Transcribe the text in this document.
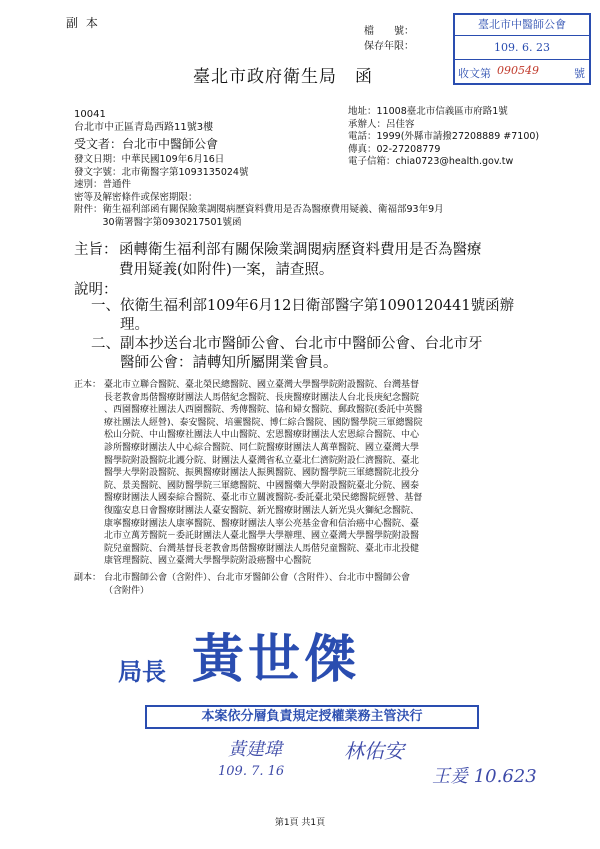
副 本
檔　　號：
保存年限：
臺北市中醫師公會
109. 6. 23
收文第 090549	號
臺北市政府衛生局　函
10041
台北市中正區青島西路11號3樓
受文者：台北市中醫師公會
地址： 11008臺北市信義區市府路1號
承辦人：呂佳容
電話： 1999(外縣市請撥27208889 #7100)
傳真：02-27208779
電子信箱：chia0723@health.gov.tw
發文日期：中華民國109年6月16日
發文字號：北市衛醫字第1093135024號
速別：普通件
密等及解密條件或保密期限：
附件： 衛生福利部函有關保險業調閱病歷資料費用是否為醫療費用疑義、衛福部93年9月
30衛署醫字第0930217501號函
主旨： 函轉衛生福利部有關保險業調閱病歷資料費用是否為醫療
費用疑義(如附件)一案，請查照。
說明：
一、依衛生福利部109年6月12日衛部醫字第1090120441號函辦
理。
二、副本抄送台北市醫師公會、台北市中醫師公會、台北市牙
醫師公會：請轉知所屬開業會員。
正本： 臺北市立聯合醫院、臺北榮民總醫院、國立臺灣大學醫學院附設醫院、台灣基督
長老教會馬偕醫療財團法人馬偕紀念醫院、長庚醫療財團法人台北長庚紀念醫院
、西園醫療社團法人西園醫院、秀傳醫院、協和婦女醫院、郵政醫院(委託中英醫
療社團法人經營)、泰安醫院、培靈醫院、博仁綜合醫院、國防醫學院三軍總醫院
松山分院、中山醫療社團法人中山醫院、宏恩醫療財團法人宏恩綜合醫院、中心
診所醫療財團法人中心綜合醫院、同仁院醫療財團法人萬華醫院、國立臺灣大學
醫學院附設醫院北護分院、財團法人臺灣省私立臺北仁濟院附設仁濟醫院、臺北
醫學大學附設醫院、振興醫療財團法人振興醫院、國防醫學院三軍總醫院北投分
院、景美醫院、國防醫學院三軍總醫院、中國醫藥大學附設醫院臺北分院、國泰
醫療財團法人國泰綜合醫院、臺北市立關渡醫院-委託臺北榮民總醫院經營、基督
復臨安息日會醫療財團法人臺安醫院、新光醫療財團法人新光吳火獅紀念醫院、
康寧醫療財團法人康寧醫院、醫療財團法人辜公亮基金會和信治癌中心醫院、臺
北市立萬芳醫院－委託財團法人臺北醫學大學辦理、國立臺灣大學醫學院附設醫
院兒童醫院、台灣基督長老教會馬偕醫療財團法人馬偕兒童醫院、臺北市北投健
康管理醫院、國立臺灣大學醫學院附設癌醫中心醫院
副本： 台北市醫師公會（含附件）、台北市牙醫師公會（含附件）、台北市中醫師公會
（含附件）
局長 黃世傑
本案依分層負責規定授權業務主管決行
黃建瑋
109. 7. 16
林佑安
王爰 10.623
第1頁 共1頁
